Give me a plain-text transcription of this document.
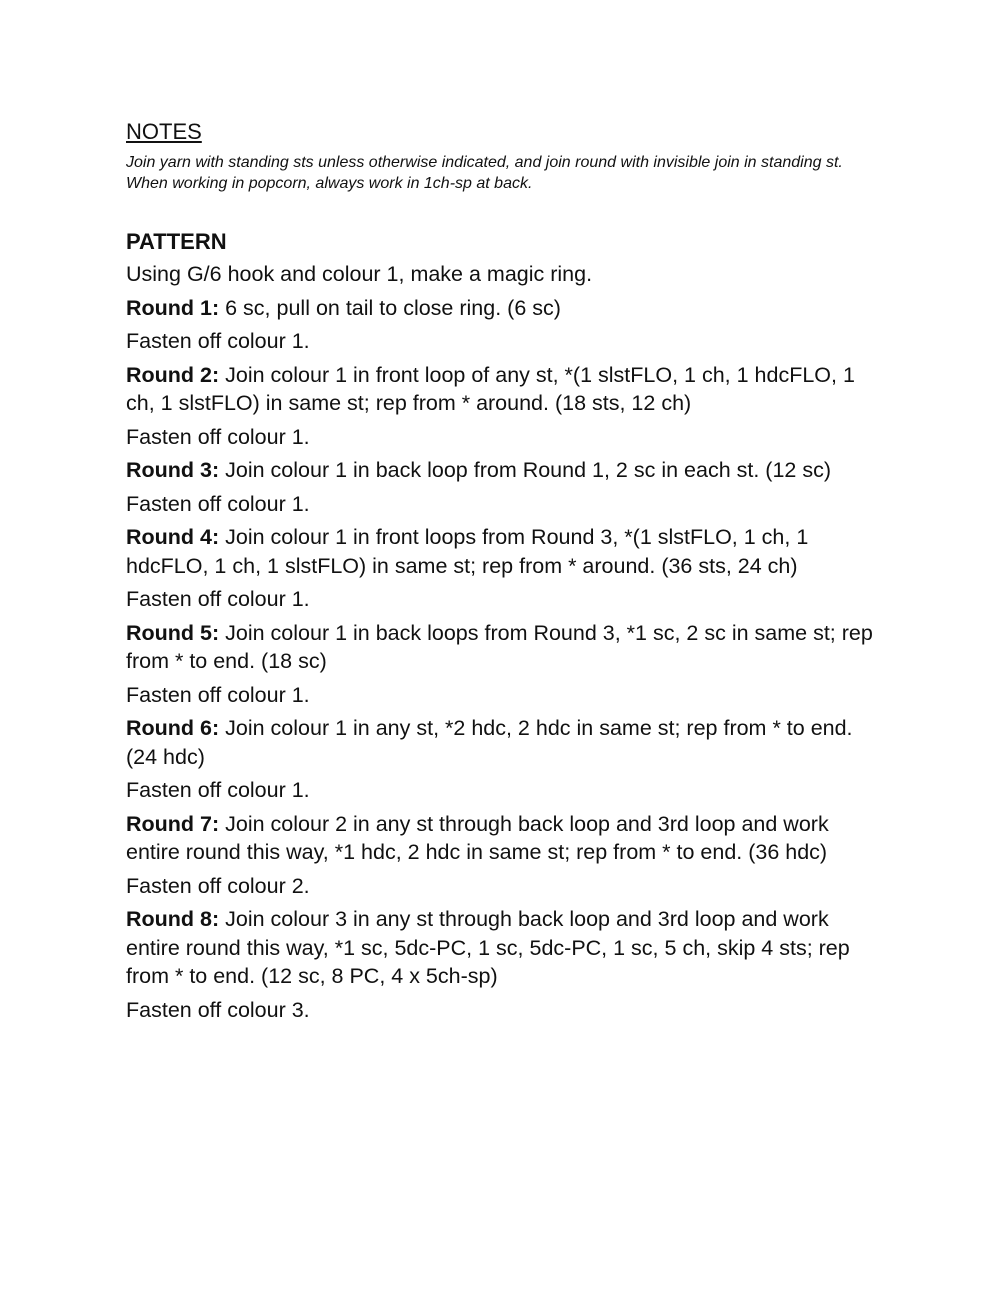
NOTES

Join yarn with standing sts unless otherwise indicated, and join round with invisible join in standing st.

When working in popcorn, always work in 1ch-sp at back.

PATTERN

Using G/6 hook and colour 1, make a magic ring.

Round 1: 6 sc, pull on tail to close ring. (6 sc)

Fasten off colour 1.

Round 2: Join colour 1 in front loop of any st, *(1 slstFLO, 1 ch, 1 hdcFLO, 1 ch, 1 slstFLO) in same st; rep from * around. (18 sts, 12 ch)

Fasten off colour 1.

Round 3: Join colour 1 in back loop from Round 1, 2 sc in each st. (12 sc)

Fasten off colour 1.

Round 4: Join colour 1 in front loops from Round 3, *(1 slstFLO, 1 ch, 1 hdcFLO, 1 ch, 1 slstFLO) in same st; rep from * around. (36 sts, 24 ch)

Fasten off colour 1.

Round 5: Join colour 1 in back loops from Round 3, *1 sc, 2 sc in same st; rep from * to end. (18 sc)

Fasten off colour 1.

Round 6: Join colour 1 in any st, *2 hdc, 2 hdc in same st; rep from * to end. (24 hdc)

Fasten off colour 1.

Round 7: Join colour 2 in any st through back loop and 3rd loop and work entire round this way, *1 hdc, 2 hdc in same st; rep from * to end. (36 hdc)

Fasten off colour 2.

Round 8: Join colour 3 in any st through back loop and 3rd loop and work entire round this way, *1 sc, 5dc-PC, 1 sc, 5dc-PC, 1 sc, 5 ch, skip 4 sts; rep from * to end. (12 sc, 8 PC, 4 x 5ch-sp)

Fasten off colour 3.
